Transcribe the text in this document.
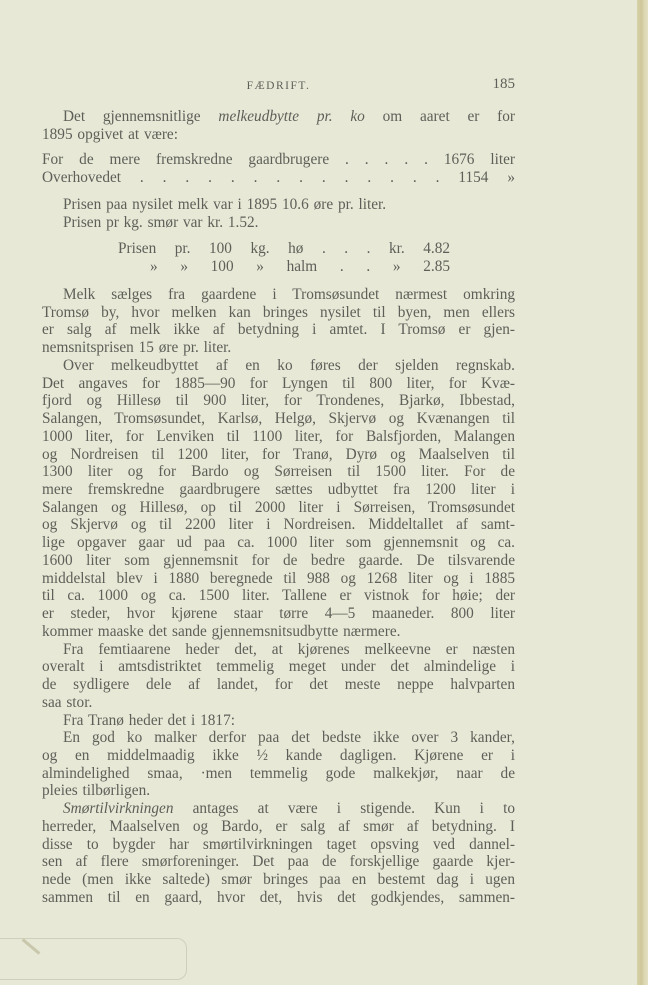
FÆDRIFT.	185
Det gjennemsnitlige melkeudbytte pr. ko om aaret er for
1895 opgivet at være:
For de mere fremskredne gaardbrugere . . . . . 1676 liter
Overhovedet . . . . . . . . . . . . . . 1154 »
Prisen paa nysilet melk var i 1895 10.6 øre pr. liter.
Prisen pr kg. smør var kr. 1.52.
Prisen pr. 100 kg. hø . . . kr. 4.82
» » 100 » halm . . » 2.85
Melk sælges fra gaardene i Tromsøsundet nærmest omkring
Tromsø by, hvor melken kan bringes nysilet til byen, men ellers
er salg af melk ikke af betydning i amtet. I Tromsø er gjen-
nemsnitsprisen 15 øre pr. liter.
Over melkeudbyttet af en ko føres der sjelden regnskab.
Det angaves for 1885—90 for Lyngen til 800 liter, for Kvæ-
fjord og Hillesø til 900 liter, for Trondenes, Bjarkø, Ibbestad,
Salangen, Tromsøsundet, Karlsø, Helgø, Skjervø og Kvænangen til
1000 liter, for Lenviken til 1100 liter, for Balsfjorden, Malangen
og Nordreisen til 1200 liter, for Tranø, Dyrø og Maalselven til
1300 liter og for Bardo og Sørreisen til 1500 liter. For de
mere fremskredne gaardbrugere sættes udbyttet fra 1200 liter i
Salangen og Hillesø, op til 2000 liter i Sørreisen, Tromsøsundet
og Skjervø og til 2200 liter i Nordreisen. Middeltallet af samt-
lige opgaver gaar ud paa ca. 1000 liter som gjennemsnit og ca.
1600 liter som gjennemsnit for de bedre gaarde. De tilsvarende
middelstal blev i 1880 beregnede til 988 og 1268 liter og i 1885
til ca. 1000 og ca. 1500 liter. Tallene er vistnok for høie; der
er steder, hvor kjørene staar tørre 4—5 maaneder. 800 liter
kommer maaske det sande gjennemsnitsudbytte nærmere.
Fra femtiaarene heder det, at kjørenes melkeevne er næsten
overalt i amtsdistriktet temmelig meget under det almindelige i
de sydligere dele af landet, for det meste neppe halvparten
saa stor.
Fra Tranø heder det i 1817:
En god ko malker derfor paa det bedste ikke over 3 kander,
og en middelmaadig ikke ½ kande dagligen. Kjørene er i
almindelighed smaa, ·men temmelig gode malkekjør, naar de
pleies tilbørligen.
Smørtilvirkningen antages at være i stigende. Kun i to
herreder, Maalselven og Bardo, er salg af smør af betydning. I
disse to bygder har smørtilvirkningen taget opsving ved dannel-
sen af flere smørforeninger. Det paa de forskjellige gaarde kjer-
nede (men ikke saltede) smør bringes paa en bestemt dag i ugen
sammen til en gaard, hvor det, hvis det godkjendes, sammen-
